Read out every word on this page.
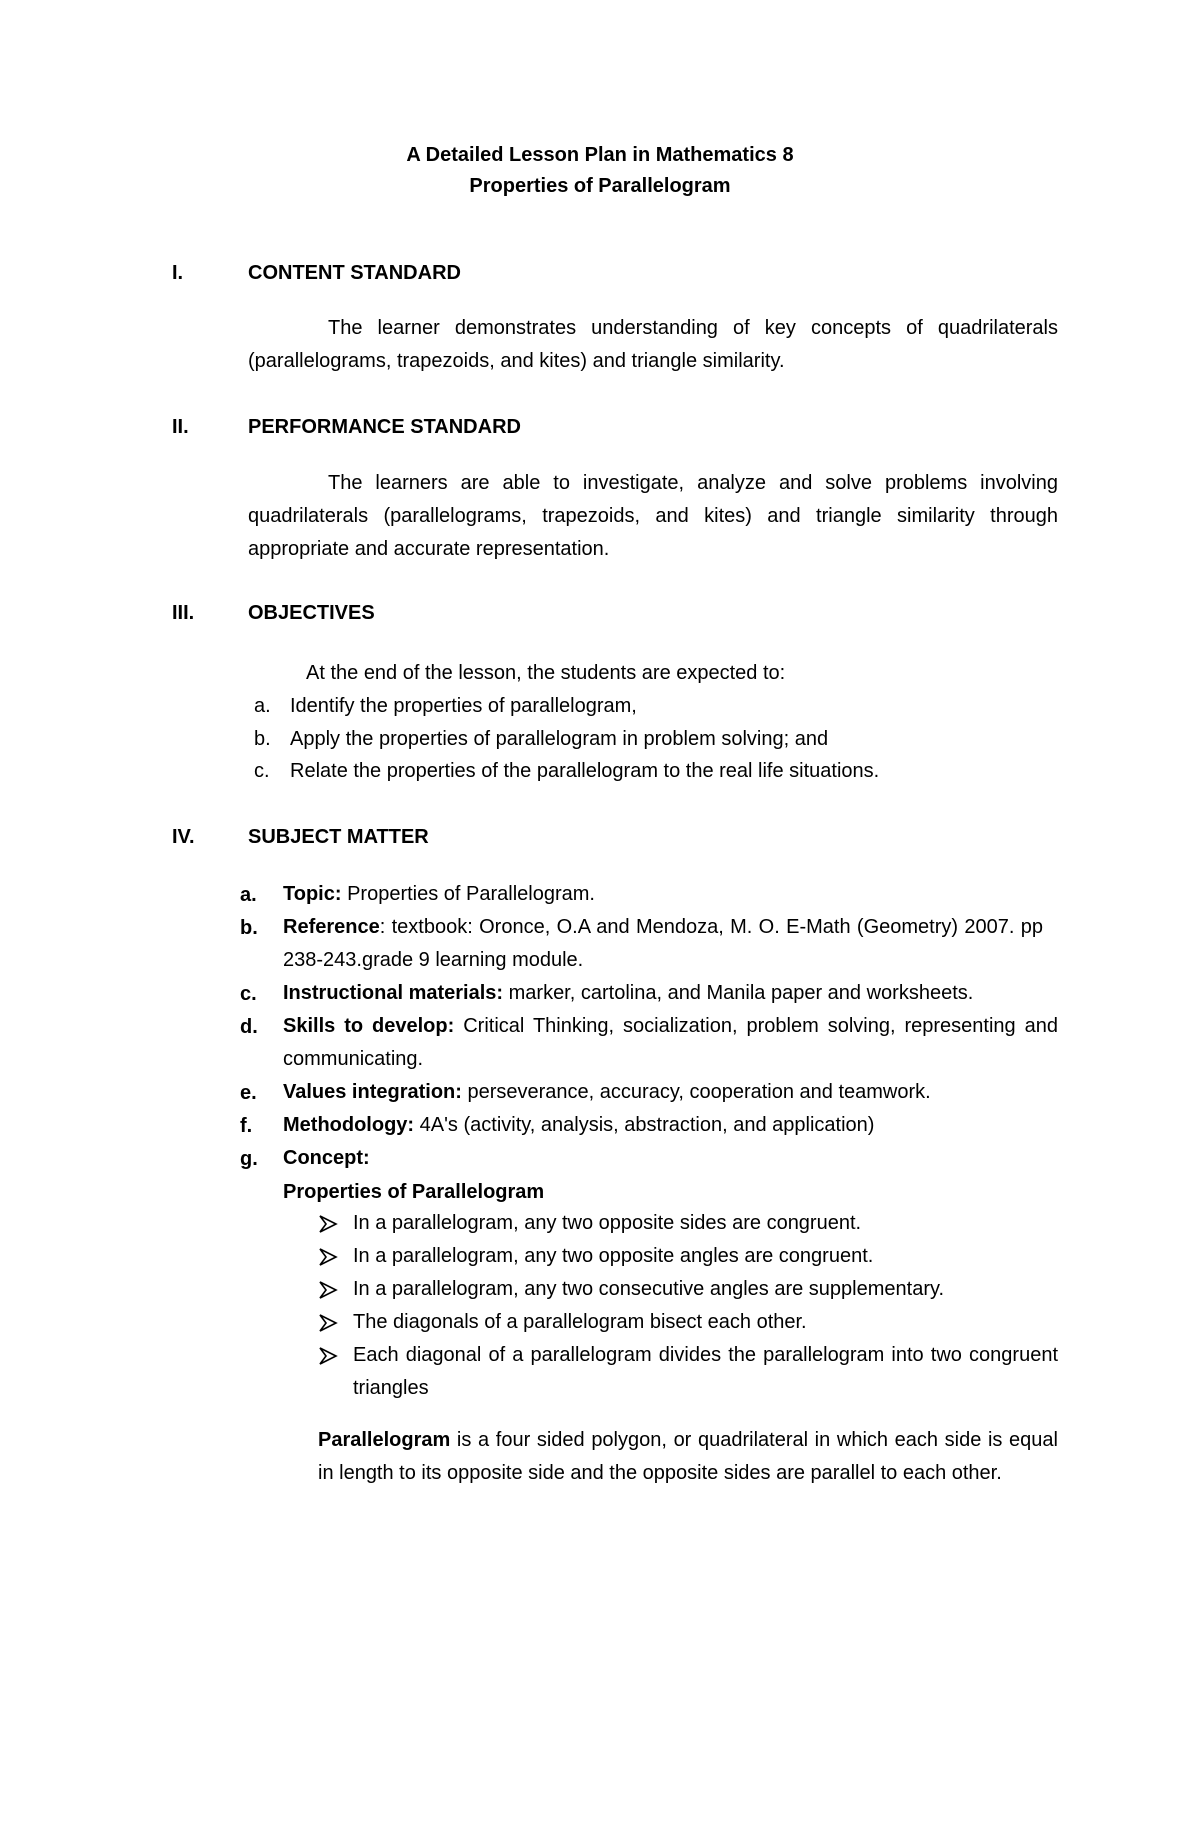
A Detailed Lesson Plan in Mathematics 8
Properties of Parallelogram
I.	CONTENT STANDARD
The learner demonstrates understanding of key concepts of quadrilaterals (parallelograms, trapezoids, and kites) and triangle similarity.
II.	PERFORMANCE STANDARD
The learners are able to investigate, analyze and solve problems involving quadrilaterals (parallelograms, trapezoids, and kites) and triangle similarity through appropriate and accurate representation.
III.	OBJECTIVES
At the end of the lesson, the students are expected to:
a. Identify the properties of parallelogram,
b. Apply the properties of parallelogram in problem solving; and
c. Relate the properties of the parallelogram to the real life situations.
IV.	SUBJECT MATTER
a. Topic: Properties of Parallelogram.
b. Reference: textbook: Oronce, O.A and Mendoza, M. O. E-Math (Geometry) 2007. pp 238-243.grade 9 learning module.
c. Instructional materials: marker, cartolina, and Manila paper and worksheets.
d. Skills to develop: Critical Thinking, socialization, problem solving, representing and communicating.
e. Values integration: perseverance, accuracy, cooperation and teamwork.
f. Methodology: 4A's (activity, analysis, abstraction, and application)
g. Concept:
Properties of Parallelogram
In a parallelogram, any two opposite sides are congruent.
In a parallelogram, any two opposite angles are congruent.
In a parallelogram, any two consecutive angles are supplementary.
The diagonals of a parallelogram bisect each other.
Each diagonal of a parallelogram divides the parallelogram into two congruent triangles
Parallelogram is a four sided polygon, or quadrilateral in which each side is equal in length to its opposite side and the opposite sides are parallel to each other.
